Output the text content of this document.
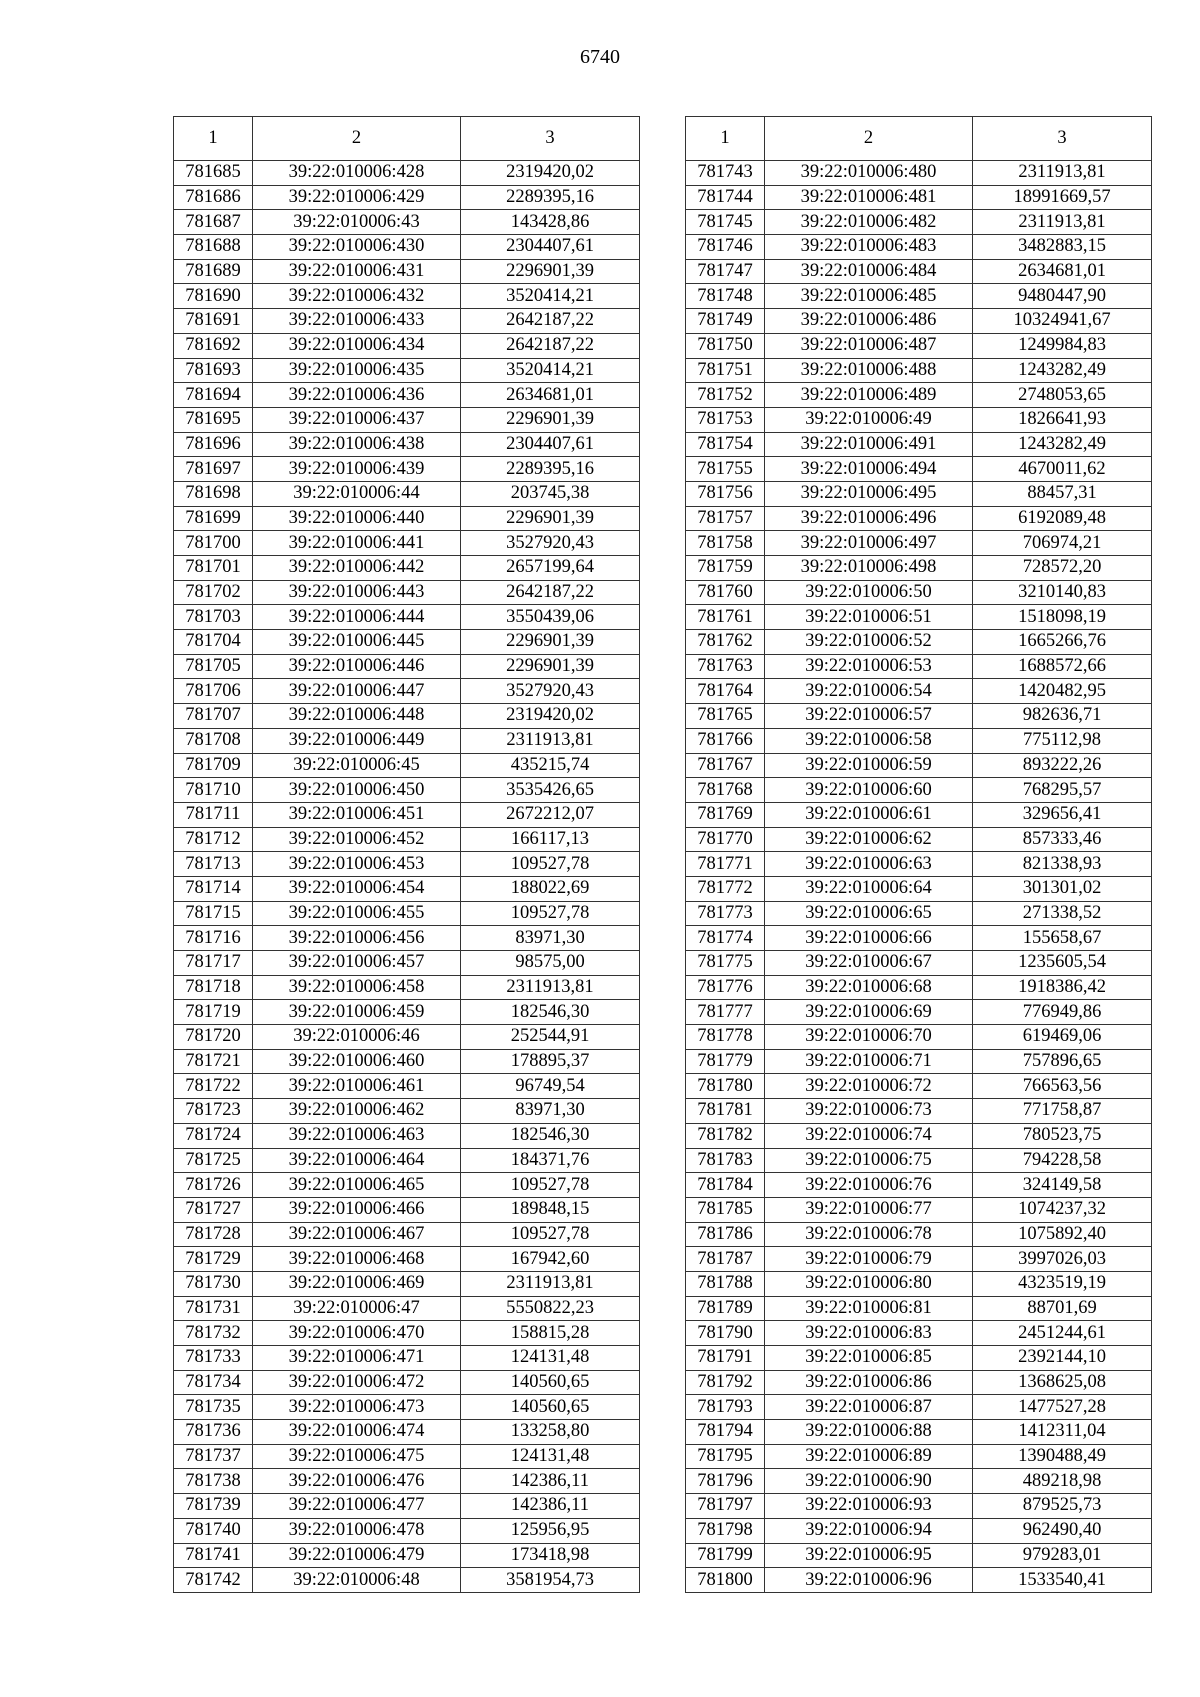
6740
1	2	3
781685	39:22:010006:428	2319420,02
781686	39:22:010006:429	2289395,16
781687	39:22:010006:43	143428,86
781688	39:22:010006:430	2304407,61
781689	39:22:010006:431	2296901,39
781690	39:22:010006:432	3520414,21
781691	39:22:010006:433	2642187,22
781692	39:22:010006:434	2642187,22
781693	39:22:010006:435	3520414,21
781694	39:22:010006:436	2634681,01
781695	39:22:010006:437	2296901,39
781696	39:22:010006:438	2304407,61
781697	39:22:010006:439	2289395,16
781698	39:22:010006:44	203745,38
781699	39:22:010006:440	2296901,39
781700	39:22:010006:441	3527920,43
781701	39:22:010006:442	2657199,64
781702	39:22:010006:443	2642187,22
781703	39:22:010006:444	3550439,06
781704	39:22:010006:445	2296901,39
781705	39:22:010006:446	2296901,39
781706	39:22:010006:447	3527920,43
781707	39:22:010006:448	2319420,02
781708	39:22:010006:449	2311913,81
781709	39:22:010006:45	435215,74
781710	39:22:010006:450	3535426,65
781711	39:22:010006:451	2672212,07
781712	39:22:010006:452	166117,13
781713	39:22:010006:453	109527,78
781714	39:22:010006:454	188022,69
781715	39:22:010006:455	109527,78
781716	39:22:010006:456	83971,30
781717	39:22:010006:457	98575,00
781718	39:22:010006:458	2311913,81
781719	39:22:010006:459	182546,30
781720	39:22:010006:46	252544,91
781721	39:22:010006:460	178895,37
781722	39:22:010006:461	96749,54
781723	39:22:010006:462	83971,30
781724	39:22:010006:463	182546,30
781725	39:22:010006:464	184371,76
781726	39:22:010006:465	109527,78
781727	39:22:010006:466	189848,15
781728	39:22:010006:467	109527,78
781729	39:22:010006:468	167942,60
781730	39:22:010006:469	2311913,81
781731	39:22:010006:47	5550822,23
781732	39:22:010006:470	158815,28
781733	39:22:010006:471	124131,48
781734	39:22:010006:472	140560,65
781735	39:22:010006:473	140560,65
781736	39:22:010006:474	133258,80
781737	39:22:010006:475	124131,48
781738	39:22:010006:476	142386,11
781739	39:22:010006:477	142386,11
781740	39:22:010006:478	125956,95
781741	39:22:010006:479	173418,98
781742	39:22:010006:48	3581954,73
1	2	3
781743	39:22:010006:480	2311913,81
781744	39:22:010006:481	18991669,57
781745	39:22:010006:482	2311913,81
781746	39:22:010006:483	3482883,15
781747	39:22:010006:484	2634681,01
781748	39:22:010006:485	9480447,90
781749	39:22:010006:486	10324941,67
781750	39:22:010006:487	1249984,83
781751	39:22:010006:488	1243282,49
781752	39:22:010006:489	2748053,65
781753	39:22:010006:49	1826641,93
781754	39:22:010006:491	1243282,49
781755	39:22:010006:494	4670011,62
781756	39:22:010006:495	88457,31
781757	39:22:010006:496	6192089,48
781758	39:22:010006:497	706974,21
781759	39:22:010006:498	728572,20
781760	39:22:010006:50	3210140,83
781761	39:22:010006:51	1518098,19
781762	39:22:010006:52	1665266,76
781763	39:22:010006:53	1688572,66
781764	39:22:010006:54	1420482,95
781765	39:22:010006:57	982636,71
781766	39:22:010006:58	775112,98
781767	39:22:010006:59	893222,26
781768	39:22:010006:60	768295,57
781769	39:22:010006:61	329656,41
781770	39:22:010006:62	857333,46
781771	39:22:010006:63	821338,93
781772	39:22:010006:64	301301,02
781773	39:22:010006:65	271338,52
781774	39:22:010006:66	155658,67
781775	39:22:010006:67	1235605,54
781776	39:22:010006:68	1918386,42
781777	39:22:010006:69	776949,86
781778	39:22:010006:70	619469,06
781779	39:22:010006:71	757896,65
781780	39:22:010006:72	766563,56
781781	39:22:010006:73	771758,87
781782	39:22:010006:74	780523,75
781783	39:22:010006:75	794228,58
781784	39:22:010006:76	324149,58
781785	39:22:010006:77	1074237,32
781786	39:22:010006:78	1075892,40
781787	39:22:010006:79	3997026,03
781788	39:22:010006:80	4323519,19
781789	39:22:010006:81	88701,69
781790	39:22:010006:83	2451244,61
781791	39:22:010006:85	2392144,10
781792	39:22:010006:86	1368625,08
781793	39:22:010006:87	1477527,28
781794	39:22:010006:88	1412311,04
781795	39:22:010006:89	1390488,49
781796	39:22:010006:90	489218,98
781797	39:22:010006:93	879525,73
781798	39:22:010006:94	962490,40
781799	39:22:010006:95	979283,01
781800	39:22:010006:96	1533540,41
